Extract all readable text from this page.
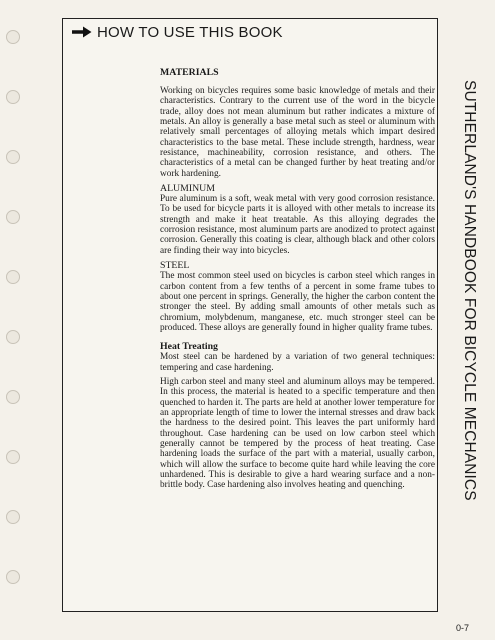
HOW TO USE THIS BOOK
MATERIALS

Working on bicycles requires some basic knowledge of metals and their characteristics. Contrary to the current use of the word in the bicycle trade, alloy does not mean aluminum but rather indicates a mixture of metals. An alloy is generally a base metal such as steel or aluminum with relatively small percentages of alloying metals which impart desired characteristics to the base metal. These include strength, hardness, wear resistance, machineability, corrosion resistance, and others. The characteristics of a metal can be changed further by heat treating and/or work hardening.

ALUMINUM

Pure aluminum is a soft, weak metal with very good corrosion resistance. To be used for bicycle parts it is alloyed with other metals to increase its strength and make it heat treatable. As this alloying degrades the corrosion resistance, most aluminum parts are anodized to protect against corrosion. Generally this coating is clear, although black and other colors are finding their way into bicycles.

STEEL

The most common steel used on bicycles is carbon steel which ranges in carbon content from a few tenths of a percent in some frame tubes to about one percent in springs. Generally, the higher the carbon content the stronger the steel. By adding small amounts of other metals such as chromium, molybdenum, manganese, etc. much stronger steel can be produced. These alloys are generally found in higher quality frame tubes.

Heat Treating

Most steel can be hardened by a variation of two general techniques: tempering and case hardening.

High carbon steel and many steel and aluminum alloys may be tempered. In this process, the material is heated to a specific temperature and then quenched to harden it. The parts are held at another lower temperature for an appropriate length of time to lower the internal stresses and draw back the hardness to the desired point. This leaves the part uniformly hard throughout. Case hardening can be used on low carbon steel which generally cannot be tempered by the process of heat treating. Case hardening loads the surface of the part with a material, usually carbon, which will allow the surface to become quite hard while leaving the core unhardened. This is desirable to give a hard wearing surface and a non-brittle body. Case hardening also involves heating and quenching.	SUTHERLAND'S HANDBOOK FOR BICYCLE MECHANICS
0-7
